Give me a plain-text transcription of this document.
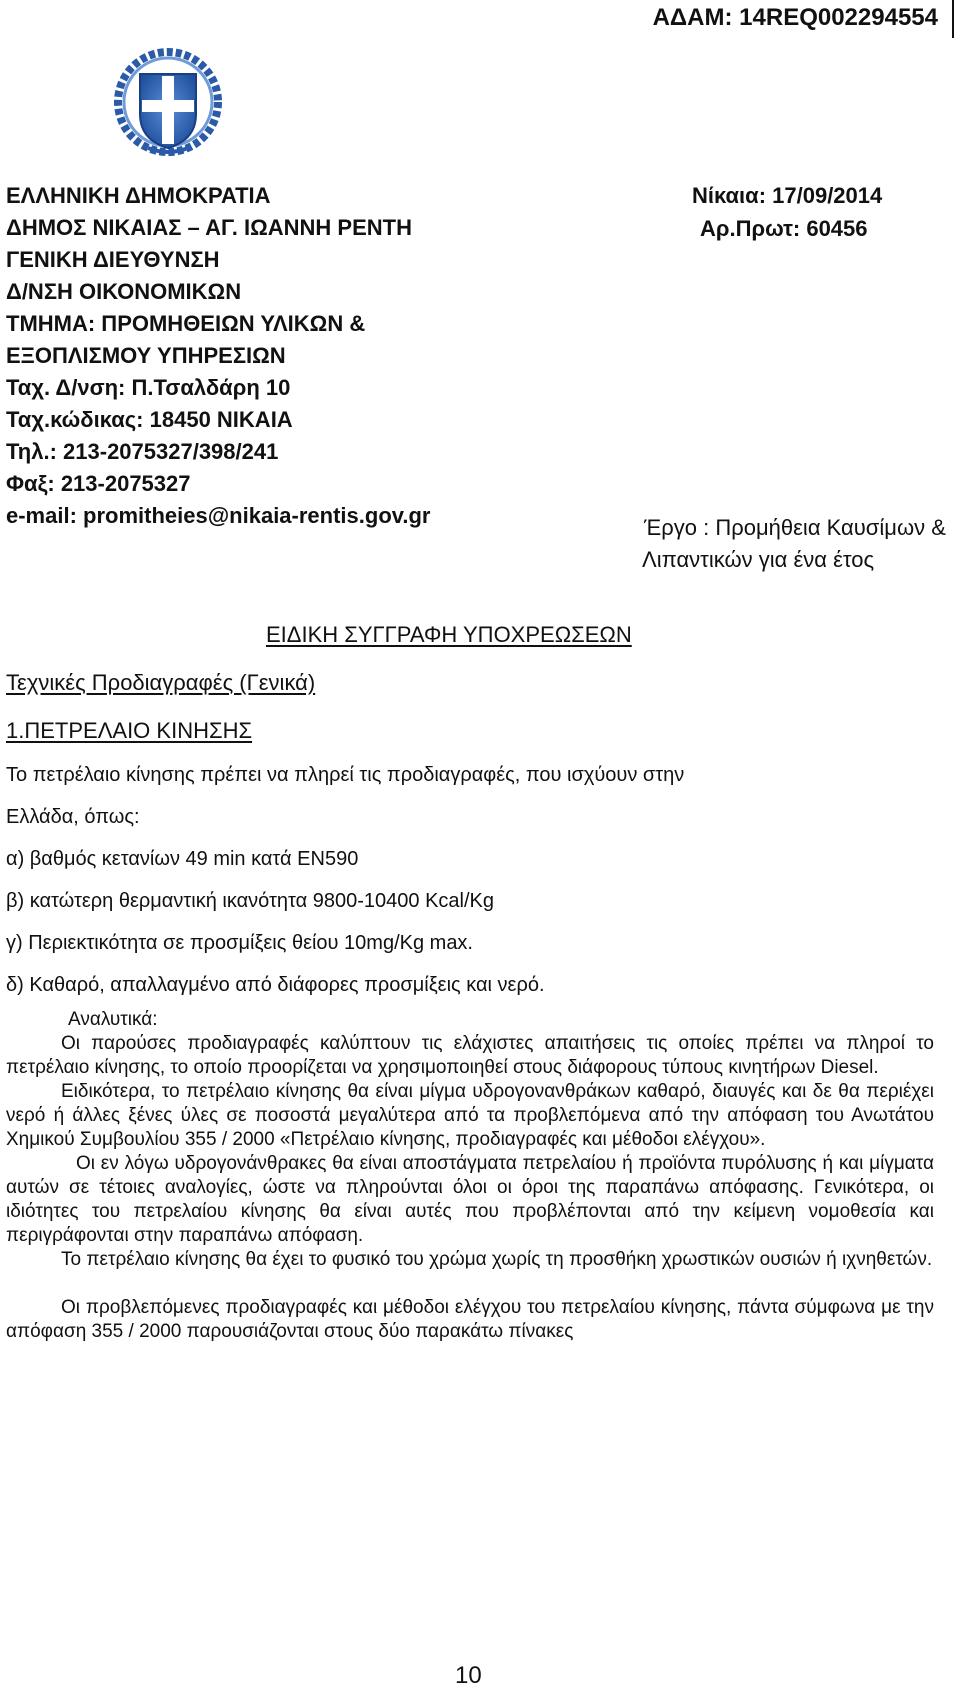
ΑΔΑΜ: 14REQ002294554
ΕΛΛΗΝΙΚΗ ΔΗΜΟΚΡΑΤΙΑ
ΔΗΜΟΣ ΝΙΚΑΙΑΣ – ΑΓ. ΙΩΑΝΝΗ ΡΕΝΤΗ
ΓΕΝΙΚΗ ΔΙΕΥΘΥΝΣΗ
Δ/ΝΣΗ ΟΙΚΟΝΟΜΙΚΩΝ
ΤΜΗΜΑ: ΠΡΟΜΗΘΕΙΩΝ ΥΛΙΚΩΝ &
ΕΞΟΠΛΙΣΜΟΥ ΥΠΗΡΕΣΙΩΝ
Ταχ. Δ/νση: Π.Τσαλδάρη 10
Ταχ.κώδικας: 18450 ΝΙΚΑΙΑ
Τηλ.: 213-2075327/398/241
Φαξ: 213-2075327
e-mail: promitheies@nikaia-rentis.gov.gr
Νίκαια: 17/09/2014
Αρ.Πρωτ: 60456
Έργο : Προμήθεια Καυσίμων &
Λιπαντικών για ένα έτος
ΕΙΔΙΚΗ ΣΥΓΓΡΑΦΗ ΥΠΟΧΡΕΩΣΕΩΝ
Τεχνικές Προδιαγραφές (Γενικά)
1.ΠΕΤΡΕΛΑΙΟ ΚΙΝΗΣΗΣ
Το πετρέλαιο κίνησης πρέπει να πληρεί τις προδιαγραφές, που ισχύουν στην
Ελλάδα, όπως:
α) βαθμός κετανίων 49 min κατά ΕΝ590
β) κατώτερη θερμαντική ικανότητα 9800-10400 Kcal/Kg
γ) Περιεκτικότητα σε προσμίξεις θείου 10mg/Kg max.
δ) Καθαρό, απαλλαγμένο από διάφορες προσμίξεις και νερό.

Αναλυτικά:

Οι παρούσες προδιαγραφές καλύπτουν τις ελάχιστες απαιτήσεις τις οποίες πρέπει να πληροί το πετρέλαιο κίνησης, το οποίο προορίζεται να χρησιμοποιηθεί στους διάφορους τύπους κινητήρων Diesel.

Ειδικότερα, το πετρέλαιο κίνησης θα είναι μίγμα υδρογονανθράκων καθαρό, διαυγές και δε θα περιέχει νερό ή άλλες ξένες ύλες σε ποσοστά μεγαλύτερα από τα προβλεπόμενα από την απόφαση του Ανωτάτου Χημικού Συμβουλίου 355 / 2000 «Πετρέλαιο κίνησης, προδιαγραφές και μέθοδοι ελέγχου».

Οι εν λόγω υδρογονάνθρακες θα είναι αποστάγματα πετρελαίου ή προϊόντα πυρόλυσης ή και μίγματα αυτών σε τέτοιες αναλογίες, ώστε να πληρούνται όλοι οι όροι της παραπάνω απόφασης. Γενικότερα, οι ιδιότητες του πετρελαίου κίνησης θα είναι αυτές που προβλέπονται από την κείμενη νομοθεσία και περιγράφονται στην παραπάνω απόφαση.

Το πετρέλαιο κίνησης θα έχει το φυσικό του χρώμα χωρίς τη προσθήκη χρωστικών ουσιών ή ιχνηθετών.

Οι προβλεπόμενες προδιαγραφές και μέθοδοι ελέγχου του πετρελαίου κίνησης, πάντα σύμφωνα με την απόφαση 355 / 2000 παρουσιάζονται στους δύο παρακάτω πίνακες

10
